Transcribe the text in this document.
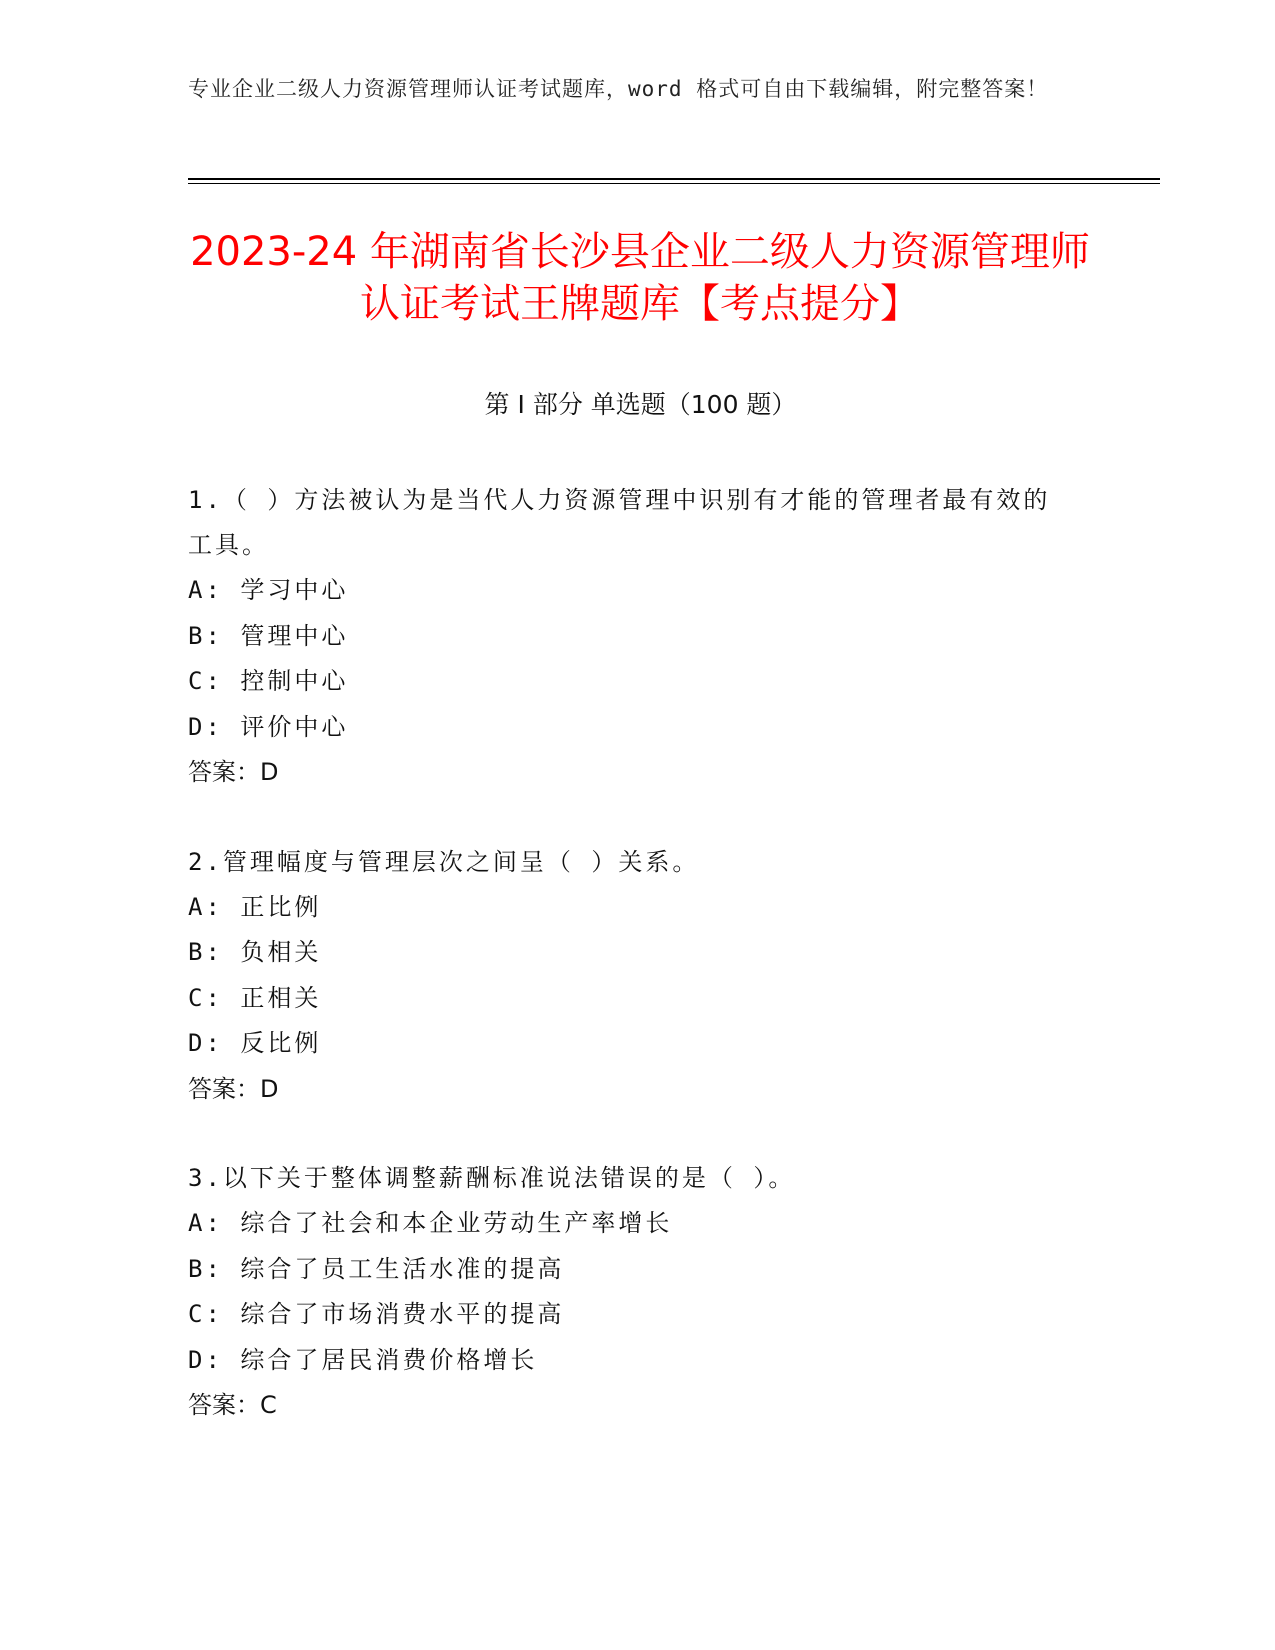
专业企业二级人力资源管理师认证考试题库，word 格式可自由下载编辑，附完整答案！
2023-24 年湖南省长沙县企业二级人力资源管理师认证考试王牌题库【考点提分】
第 I 部分 单选题（100 题）

1.（ ）方法被认为是当代人力资源管理中识别有才能的管理者最有效的工具。

A: 学习中心

B: 管理中心

C: 控制中心

D: 评价中心

答案：D

2.管理幅度与管理层次之间呈（ ）关系。

A: 正比例

B: 负相关

C: 正相关

D: 反比例

答案：D

3.以下关于整体调整薪酬标准说法错误的是（ ）。

A: 综合了社会和本企业劳动生产率增长

B: 综合了员工生活水准的提高

C: 综合了市场消费水平的提高

D: 综合了居民消费价格增长

答案：C
